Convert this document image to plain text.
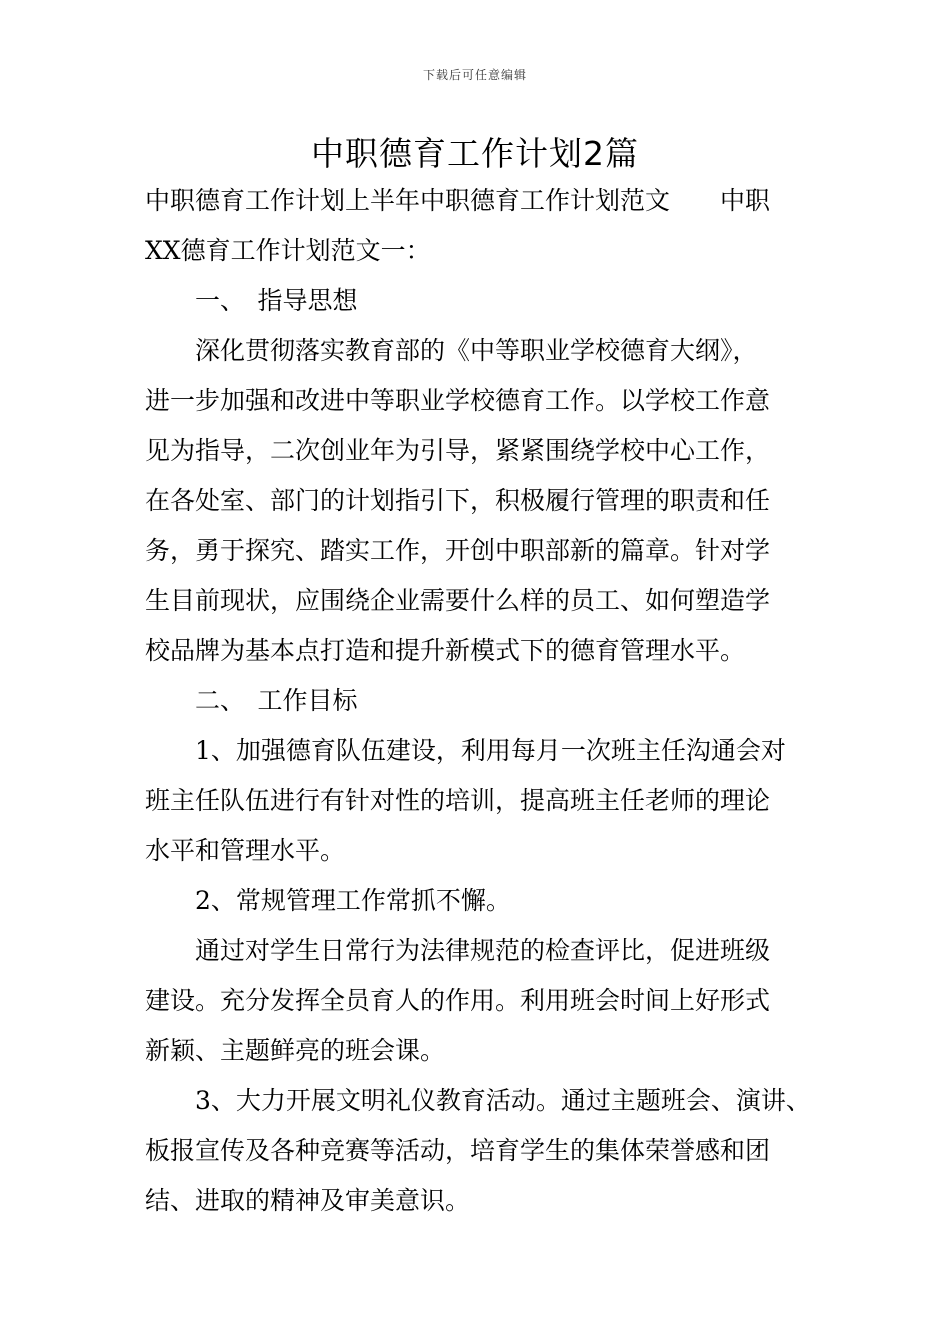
下载后可任意编辑
中职德育工作计划2篇

中职德育工作计划上半年中职德育工作计划范文　　中职

XX德育工作计划范文一：

　　一、　指导思想

　　深化贯彻落实教育部的《中等职业学校德育大纲》，

进一步加强和改进中等职业学校德育工作。以学校工作意

见为指导，二次创业年为引导，紧紧围绕学校中心工作，

在各处室、部门的计划指引下，积极履行管理的职责和任

务，勇于探究、踏实工作，开创中职部新的篇章。针对学

生目前现状，应围绕企业需要什么样的员工、如何塑造学

校品牌为基本点打造和提升新模式下的德育管理水平。

　　二、　工作目标

　　1、加强德育队伍建设，利用每月一次班主任沟通会对

班主任队伍进行有针对性的培训，提高班主任老师的理论

水平和管理水平。

　　2、常规管理工作常抓不懈。

　　通过对学生日常行为法律规范的检查评比，促进班级

建设。充分发挥全员育人的作用。利用班会时间上好形式

新颖、主题鲜亮的班会课。

　　3、大力开展文明礼仪教育活动。通过主题班会、演讲、

板报宣传及各种竞赛等活动，培育学生的集体荣誉感和团

结、进取的精神及审美意识。
